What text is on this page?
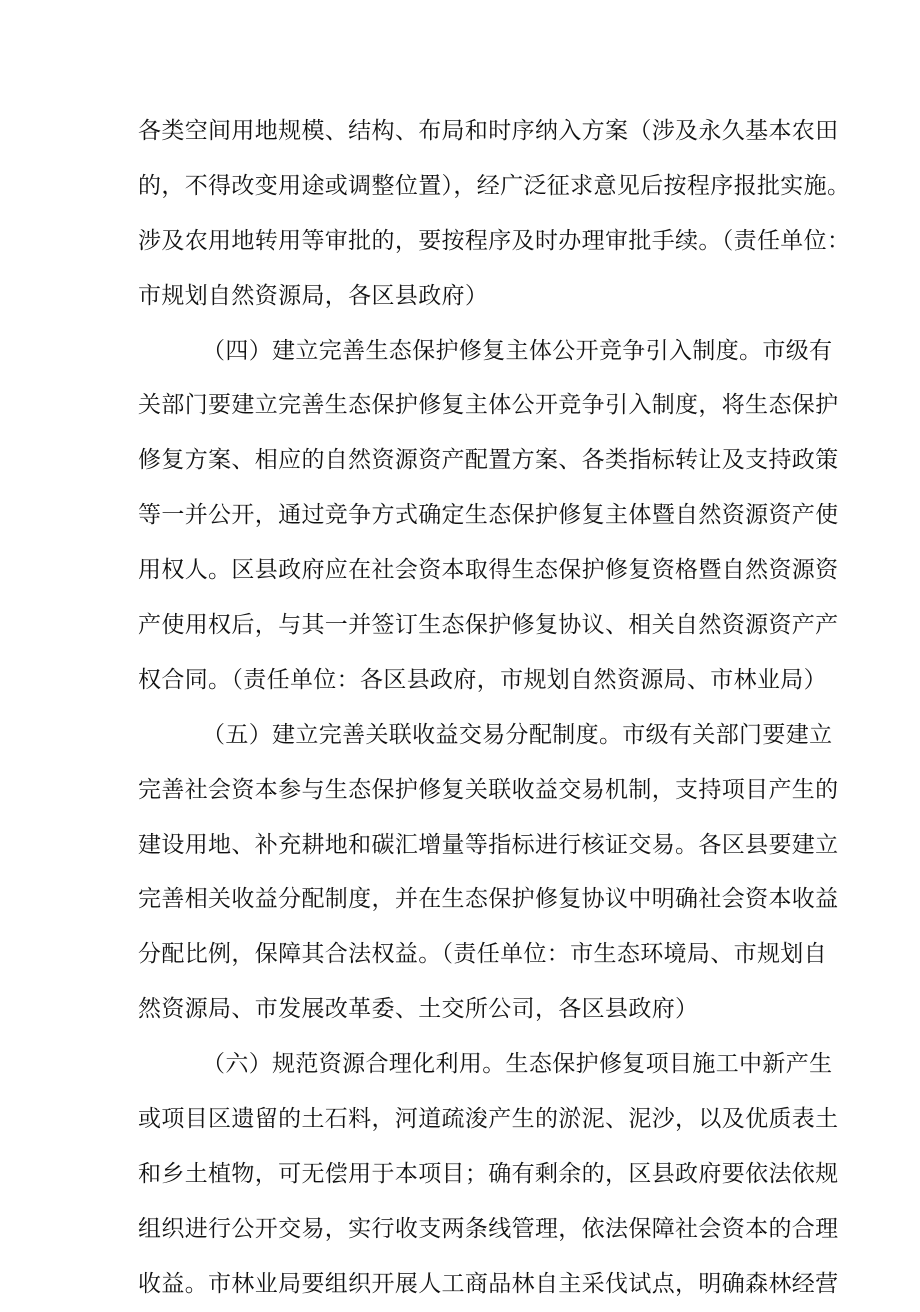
各类空间用地规模、结构、布局和时序纳入方案（涉及永久基本农田
的，不得改变用途或调整位置），经广泛征求意见后按程序报批实施。
涉及农用地转用等审批的，要按程序及时办理审批手续。（责任单位：
市规划自然资源局，各区县政府）
（四）建立完善生态保护修复主体公开竞争引入制度。市级有
关部门要建立完善生态保护修复主体公开竞争引入制度，将生态保护
修复方案、相应的自然资源资产配置方案、各类指标转让及支持政策
等一并公开，通过竞争方式确定生态保护修复主体暨自然资源资产使
用权人。区县政府应在社会资本取得生态保护修复资格暨自然资源资
产使用权后，与其一并签订生态保护修复协议、相关自然资源资产产
权合同。（责任单位：各区县政府，市规划自然资源局、市林业局）
（五）建立完善关联收益交易分配制度。市级有关部门要建立
完善社会资本参与生态保护修复关联收益交易机制，支持项目产生的
建设用地、补充耕地和碳汇增量等指标进行核证交易。各区县要建立
完善相关收益分配制度，并在生态保护修复协议中明确社会资本收益
分配比例，保障其合法权益。（责任单位：市生态环境局、市规划自
然资源局、市发展改革委、土交所公司，各区县政府）
（六）规范资源合理化利用。生态保护修复项目施工中新产生
或项目区遗留的土石料，河道疏浚产生的淤泥、泥沙，以及优质表土
和乡土植物，可无偿用于本项目；确有剩余的，区县政府要依法依规
组织进行公开交易，实行收支两条线管理，依法保障社会资本的合理
收益。市林业局要组织开展人工商品林自主采伐试点，明确森林经营
